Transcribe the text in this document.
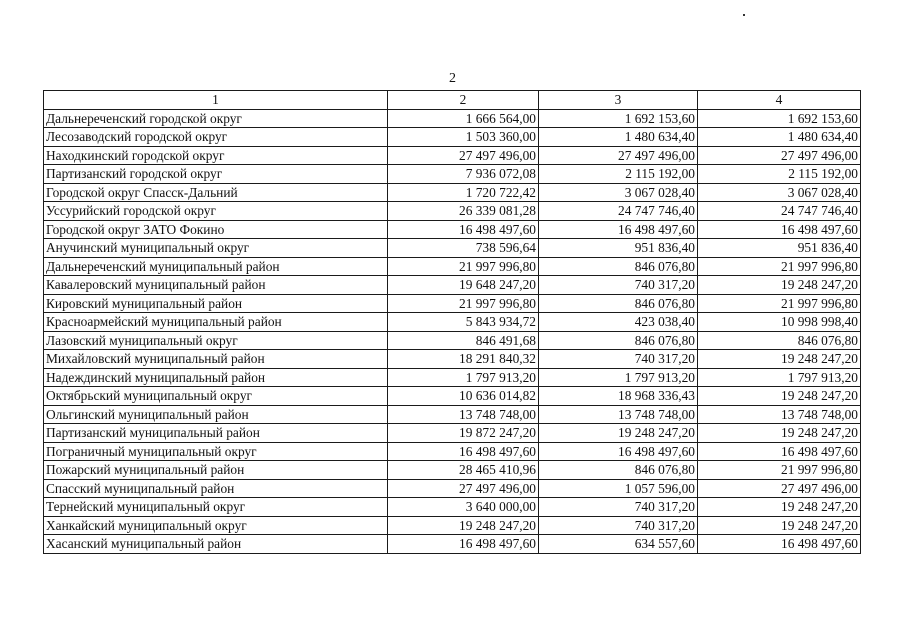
2
1	2	3	4
Дальнереченский городской округ	1 666 564,00	1 692 153,60	1 692 153,60
Лесозаводский городской округ	1 503 360,00	1 480 634,40	1 480 634,40
Находкинский городской округ	27 497 496,00	27 497 496,00	27 497 496,00
Партизанский городской округ	7 936 072,08	2 115 192,00	2 115 192,00
Городской округ Спасск-Дальний	1 720 722,42	3 067 028,40	3 067 028,40
Уссурийский городской округ	26 339 081,28	24 747 746,40	24 747 746,40
Городской округ ЗАТО Фокино	16 498 497,60	16 498 497,60	16 498 497,60
Анучинский муниципальный округ	738 596,64	951 836,40	951 836,40
Дальнереченский муниципальный район	21 997 996,80	846 076,80	21 997 996,80
Кавалеровский муниципальный район	19 648 247,20	740 317,20	19 248 247,20
Кировский муниципальный район	21 997 996,80	846 076,80	21 997 996,80
Красноармейский муниципальный район	5 843 934,72	423 038,40	10 998 998,40
Лазовский муниципальный округ	846 491,68	846 076,80	846 076,80
Михайловский муниципальный район	18 291 840,32	740 317,20	19 248 247,20
Надеждинский муниципальный район	1 797 913,20	1 797 913,20	1 797 913,20
Октябрьский муниципальный округ	10 636 014,82	18 968 336,43	19 248 247,20
Ольгинский муниципальный район	13 748 748,00	13 748 748,00	13 748 748,00
Партизанский муниципальный район	19 872 247,20	19 248 247,20	19 248 247,20
Пограничный муниципальный округ	16 498 497,60	16 498 497,60	16 498 497,60
Пожарский муниципальный район	28 465 410,96	846 076,80	21 997 996,80
Спасский муниципальный район	27 497 496,00	1 057 596,00	27 497 496,00
Тернейский муниципальный округ	3 640 000,00	740 317,20	19 248 247,20
Ханкайский муниципальный округ	19 248 247,20	740 317,20	19 248 247,20
Хасанский муниципальный район	16 498 497,60	634 557,60	16 498 497,60
